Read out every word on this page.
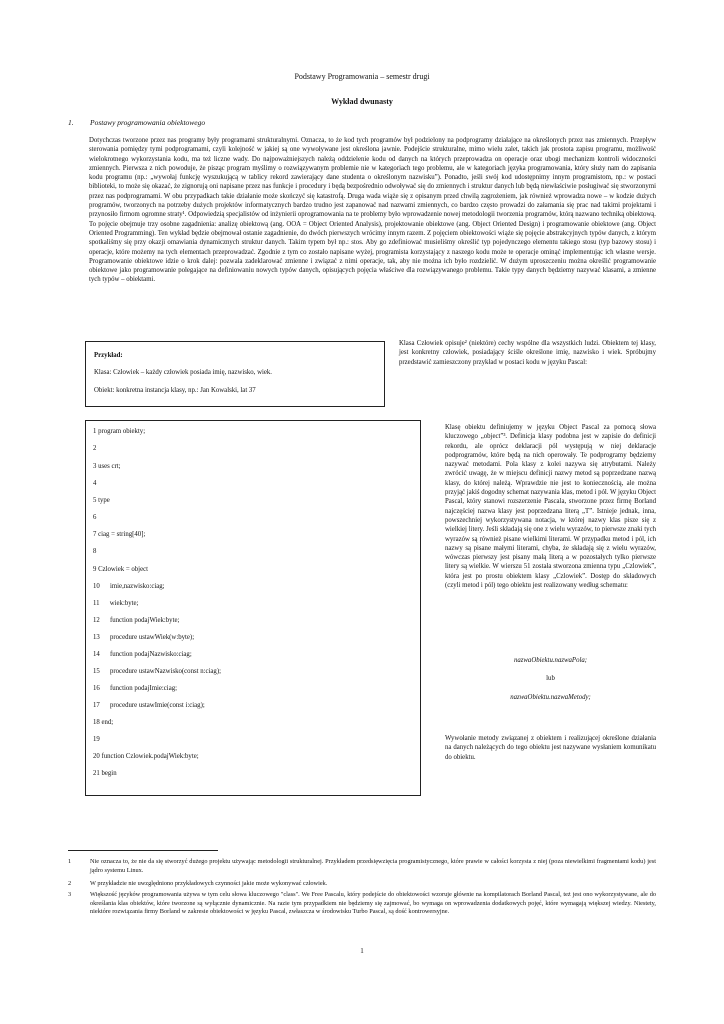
Podstawy Programowania – semestr drugi
Wykład dwunasty
1. Postawy programowania obiektowego

Dotychczas tworzone przez nas programy były programami strukturalnymi. Oznacza, to że kod tych programów był podzielony na podprogramy działające na określonych przez nas zmiennych. Przepływ sterowania pomiędzy tymi podprogramami, czyli kolejność w jakiej są one wywoływane jest określona jawnie. Podejście strukturalne, mimo wielu zalet, takich jak prostota zapisu programu, możliwość wielokrotnego wykorzystania kodu, ma też liczne wady. Do najpoważniejszych należą oddzielenie kodu od danych na których przeprowadza on operacje oraz ubogi mechanizm kontroli widoczności zmiennych. Pierwsza z nich powoduje, że pisząc program myślimy o rozwiązywanym problemie nie w kategoriach tego problemu, ale w kategoriach języka programowania, który służy nam do zapisania kodu programu (np.: „wywołaj funkcję wyszukującą w tablicy rekord zawierający dane studenta o określonym nazwisku”). Ponadto, jeśli swój kod udostępnimy innym programistom, np.: w postaci biblioteki, to może się okazać, że zignorują oni napisane przez nas funkcje i procedury i będą bezpośrednio odwoływać się do zmiennych i struktur danych lub będą niewłaściwie posługiwać się stworzonymi przez nas podprogramami. W obu przypadkach takie działanie może skończyć się katastrofą. Druga wada wiąże się z opisanym przed chwilą zagrożeniem, jak również wprowadza nowe – w kodzie dużych programów, tworzonych na potrzeby dużych projektów informatycznych bardzo trudno jest zapanować nad nazwami zmiennych, co bardzo często prowadzi do załamania się prac nad takimi projektami i przynosiło firmom ogromne straty¹. Odpowiedzią specjalistów od inżynierii oprogramowania na te problemy było wprowadzenie nowej metodologii tworzenia programów, którą nazwano techniką obiektową. To pojęcie obejmuje trzy osobne zagadnienia: analizę obiektową (ang. OOA = Object Oriented Analysis), projektowanie obiektowe (ang. Object Oriented Design) i programowanie obiektowe (ang. Object Oriented Programming). Ten wykład będzie obejmował ostanie zagadnienie, do dwóch pierwszych wrócimy innym razem. Z pojęciem obiektowości wiąże się pojęcie abstrakcyjnych typów danych, z którym spotkaliśmy się przy okazji omawiania dynamicznych struktur danych. Takim typem był np.: stos. Aby go zdefiniować musieliśmy określić typ pojedynczego elementu takiego stosu (typ bazowy stosu) i operacje, które możemy na tych elementach przeprowadzać. Zgodnie z tym co zostało napisane wyżej, programista korzystający z naszego kodu może te operacje ominąć implementując ich własne wersje. Programowanie obiektowe idzie o krok dalej: pozwala zadeklarować zmienne i związać z nimi operacje, tak, aby nie można ich było rozdzielić. W dużym uproszczeniu można określić programowanie obiektowe jako programowanie polegające na definiowaniu nowych typów danych, opisujących pojęcia właściwe dla rozwiązywanego problemu. Takie typy danych będziemy nazywać klasami, a zmienne tych typów – obiektami.

Przykład:
Klasa: Człowiek – każdy człowiek posiada imię, nazwisko, wiek.
Obiekt: konkretna instancja klasy, np.: Jan Kowalski, lat 37
Klasa Człowiek opisuje² (niektóre) cechy wspólne dla wszystkich ludzi. Obiektem tej klasy, jest konkretny człowiek, posiadający ściśle określone imię, nazwisko i wiek. Spróbujmy przedstawić zamieszczony przykład w postaci kodu w języku Pascal:
1 program obiekty;
2
3 uses crt;
4
5 type
6
7 ciag = string[40];
8
9 Czlowiek = object
10      imie,nazwisko:ciag;
11      wiek:byte;
12      function podajWiek:byte;
13      procedure ustawWiek(w:byte);
14      function podajNazwisko:ciag;
15      procedure ustawNazwisko(const n:ciag);
16      function podajImie:ciag;
17      procedure ustawImie(const i:ciag);
18 end;
19
20 function Czlowiek.podajWiek:byte;
21 begin
Klasę obiektu definiujemy w języku Object Pascal za pomocą słowa kluczowego „object”³. Definicja klasy podobna jest w zapisie do definicji rekordu, ale oprócz deklaracji pól występują w niej deklaracje podprogramów, które będą na nich operowały. Te podprogramy będziemy nazywać metodami. Pola klasy z kolei nazywa się atrybutami. Należy zwrócić uwagę, że w miejscu definicji nazwy metod są poprzedzane nazwą klasy, do której należą. Wprawdzie nie jest to koniecznością, ale można przyjąć jakiś dogodny schemat nazywania klas, metod i pól. W języku Object Pascal, który stanowi rozszerzenie Pascala, stworzone przez firmę Borland najczęściej nazwa klasy jest poprzedzana literą „T”. Istnieje jednak, inna, powszechniej wykorzystywana notacja, w której nazwy klas pisze się z wielkiej litery. Jeśli składają się one z wielu wyrazów, to pierwsze znaki tych wyrazów są również pisane wielkimi literami. W przypadku metod i pól, ich nazwy są pisane małymi literami, chyba, że składają się z wielu wyrazów, wówczas pierwszy jest pisany małą literą a w pozostałych tylko pierwsze litery są wielkie. W wierszu 51 została stworzona zmienna typu „Czlowiek”, która jest po prostu obiektem klasy „Czlowiek”. Dostęp do składowych (czyli metod i pól) tego obiektu jest realizowany według schematu:
nazwaObiektu.nazwaPola;
lub
nazwaObiektu.nazwaMetody;
Wywołanie metody związanej z obiektem i realizującej określone działania na danych należących do tego obiektu jest nazywane wysłaniem komunikatu do obiektu.
1	Nie oznacza to, że nie da się stworzyć dużego projektu używając metodologii strukturalnej. Przykładem przedsięwzięcia programistycznego, które prawie w całości korzysta z niej (poza niewielkimi fragmentami kodu) jest jądro systemu Linux.
2	W przykładzie nie uwzględniono przykładowych czynności jakie może wykonywać człowiek.
3	Większość języków programowania używa w tym celu słowa kluczowego "class". We Free Pascalu, który podejście do obiektowości wzoruje głównie na kompilatorach Borland Pascal, też jest ono wykorzystywane, ale do określania klas obiektów, które tworzone są wyłącznie dynamicznie. Na razie tym przypadkiem nie będziemy się zajmować, bo wymaga on wprowadzenia dodatkowych pojęć, które wymagają większej wiedzy. Niestety, niektóre rozwiązania firmy Borland w zakresie obiektowości w języku Pascal, zwłaszcza w środowisku Turbo Pascal, są dość kontrowersyjne.
1
